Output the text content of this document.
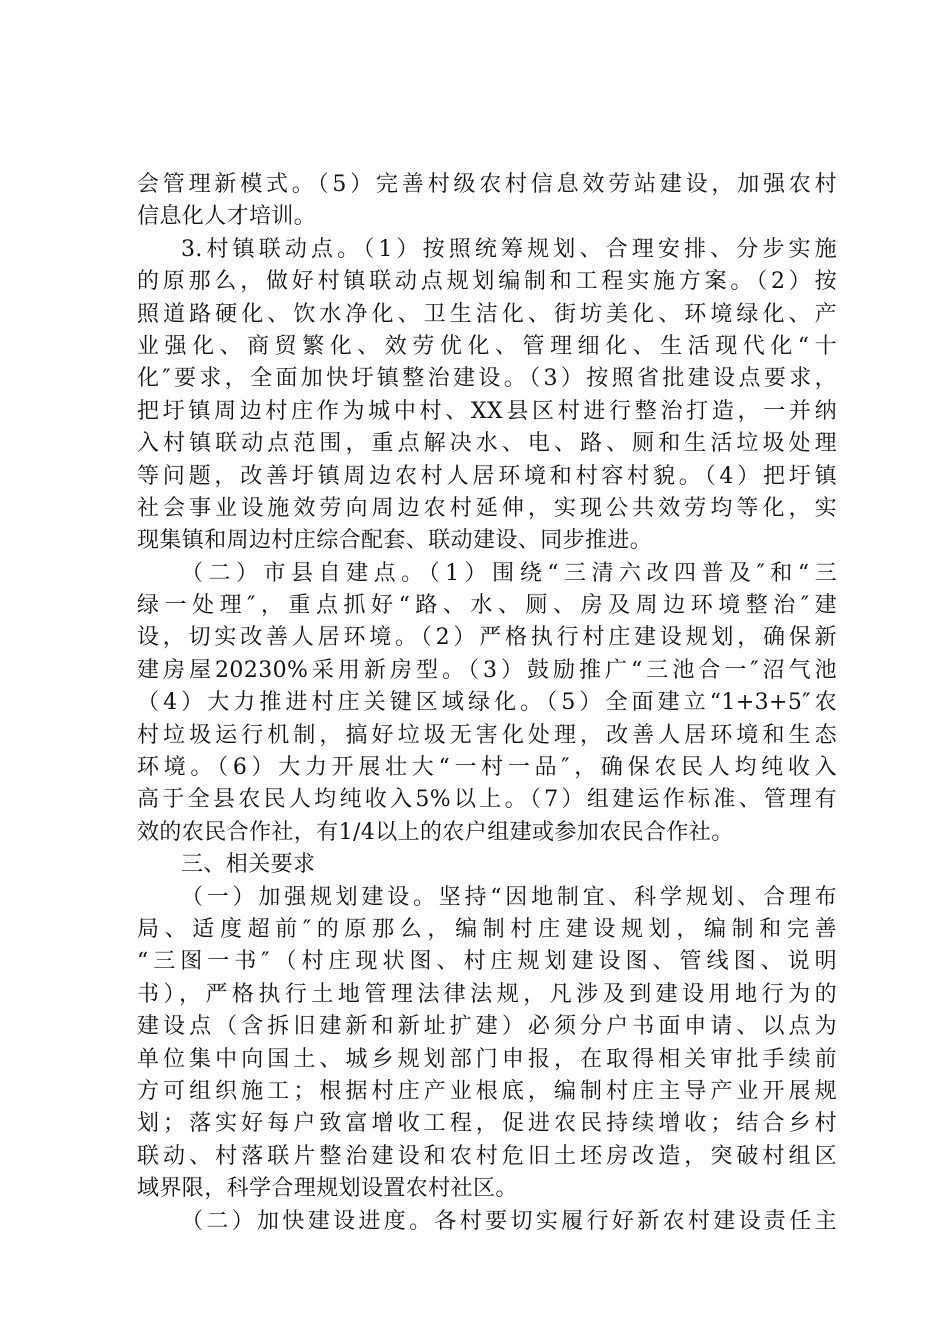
会管理新模式。（5）完善村级农村信息效劳站建设，加强农村
信息化人才培训。
3.村镇联动点。（1）按照统筹规划、合理安排、分步实施
的原那么，做好村镇联动点规划编制和工程实施方案。（2）按
照道路硬化、饮水净化、卫生洁化、街坊美化、环境绿化、产
业强化、商贸繁化、效劳优化、管理细化、生活现代化“十
化″要求，全面加快圩镇整治建设。（3）按照省批建设点要求，
把圩镇周边村庄作为城中村、XX县区村进行整治打造，一并纳
入村镇联动点范围，重点解决水、电、路、厕和生活垃圾处理
等问题，改善圩镇周边农村人居环境和村容村貌。（4）把圩镇
社会事业设施效劳向周边农村延伸，实现公共效劳均等化，实
现集镇和周边村庄综合配套、联动建设、同步推进。
（二）市县自建点。（1）围绕“三清六改四普及″和“三
绿一处理″，重点抓好“路、水、厕、房及周边环境整治″建
设，切实改善人居环境。（2）严格执行村庄建设规划，确保新
建房屋20230%采用新房型。（3）鼓励推广“三池合一″沼气池
（4）大力推进村庄关键区域绿化。（5）全面建立“1+3+5″农
村垃圾运行机制，搞好垃圾无害化处理，改善人居环境和生态
环境。（6）大力开展壮大“一村一品″，确保农民人均纯收入
高于全县农民人均纯收入5%以上。（7）组建运作标准、管理有
效的农民合作社，有1/4以上的农户组建或参加农民合作社。
三、相关要求
（一）加强规划建设。坚持“因地制宜、科学规划、合理布
局、适度超前″的原那么，编制村庄建设规划，编制和完善
“三图一书″（村庄现状图、村庄规划建设图、管线图、说明
书），严格执行土地管理法律法规，凡涉及到建设用地行为的
建设点（含拆旧建新和新址扩建）必须分户书面申请、以点为
单位集中向国土、城乡规划部门申报，在取得相关审批手续前
方可组织施工；根据村庄产业根底，编制村庄主导产业开展规
划；落实好每户致富增收工程，促进农民持续增收；结合乡村
联动、村落联片整治建设和农村危旧土坯房改造，突破村组区
域界限，科学合理规划设置农村社区。
（二）加快建设进度。各村要切实履行好新农村建设责任主
